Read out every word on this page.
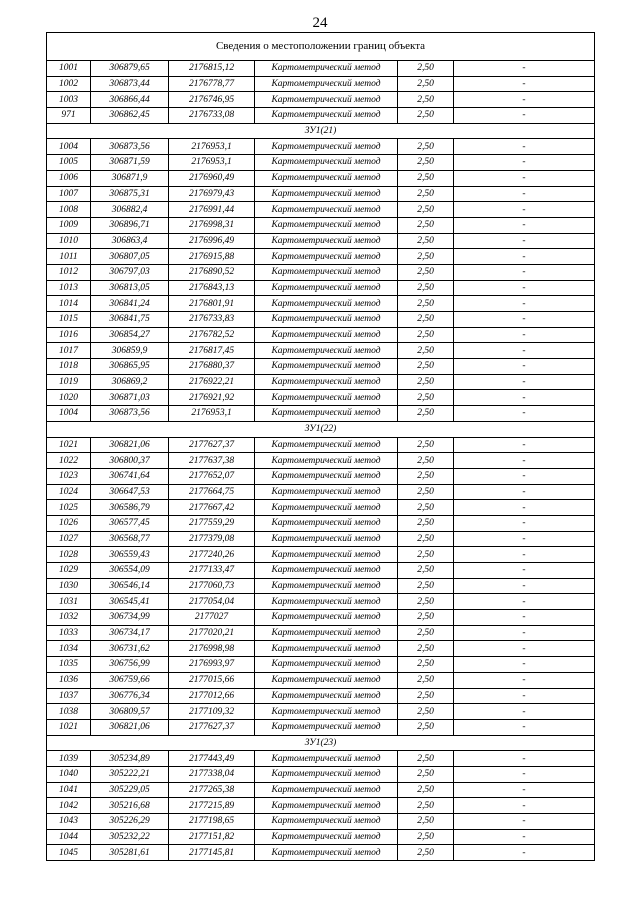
24
Сведения о местоположении границ объекта					
1001	306879,65	2176815,12	Картометрический метод	2,50	-
1002	306873,44	2176778,77	Картометрический метод	2,50	-
1003	306866,44	2176746,95	Картометрический метод	2,50	-
971	306862,45	2176733,08	Картометрический метод	2,50	-
ЗУ1(21)					
1004	306873,56	2176953,1	Картометрический метод	2,50	-
1005	306871,59	2176953,1	Картометрический метод	2,50	-
1006	306871,9	2176960,49	Картометрический метод	2,50	-
1007	306875,31	2176979,43	Картометрический метод	2,50	-
1008	306882,4	2176991,44	Картометрический метод	2,50	-
1009	306896,71	2176998,31	Картометрический метод	2,50	-
1010	306863,4	2176996,49	Картометрический метод	2,50	-
1011	306807,05	2176915,88	Картометрический метод	2,50	-
1012	306797,03	2176890,52	Картометрический метод	2,50	-
1013	306813,05	2176843,13	Картометрический метод	2,50	-
1014	306841,24	2176801,91	Картометрический метод	2,50	-
1015	306841,75	2176733,83	Картометрический метод	2,50	-
1016	306854,27	2176782,52	Картометрический метод	2,50	-
1017	306859,9	2176817,45	Картометрический метод	2,50	-
1018	306865,95	2176880,37	Картометрический метод	2,50	-
1019	306869,2	2176922,21	Картометрический метод	2,50	-
1020	306871,03	2176921,92	Картометрический метод	2,50	-
1004	306873,56	2176953,1	Картометрический метод	2,50	-
ЗУ1(22)					
1021	306821,06	2177627,37	Картометрический метод	2,50	-
1022	306800,37	2177637,38	Картометрический метод	2,50	-
1023	306741,64	2177652,07	Картометрический метод	2,50	-
1024	306647,53	2177664,75	Картометрический метод	2,50	-
1025	306586,79	2177667,42	Картометрический метод	2,50	-
1026	306577,45	2177559,29	Картометрический метод	2,50	-
1027	306568,77	2177379,08	Картометрический метод	2,50	-
1028	306559,43	2177240,26	Картометрический метод	2,50	-
1029	306554,09	2177133,47	Картометрический метод	2,50	-
1030	306546,14	2177060,73	Картометрический метод	2,50	-
1031	306545,41	2177054,04	Картометрический метод	2,50	-
1032	306734,99	2177027	Картометрический метод	2,50	-
1033	306734,17	2177020,21	Картометрический метод	2,50	-
1034	306731,62	2176998,98	Картометрический метод	2,50	-
1035	306756,99	2176993,97	Картометрический метод	2,50	-
1036	306759,66	2177015,66	Картометрический метод	2,50	-
1037	306776,34	2177012,66	Картометрический метод	2,50	-
1038	306809,57	2177109,32	Картометрический метод	2,50	-
1021	306821,06	2177627,37	Картометрический метод	2,50	-
ЗУ1(23)					
1039	305234,89	2177443,49	Картометрический метод	2,50	-
1040	305222,21	2177338,04	Картометрический метод	2,50	-
1041	305229,05	2177265,38	Картометрический метод	2,50	-
1042	305216,68	2177215,89	Картометрический метод	2,50	-
1043	305226,29	2177198,65	Картометрический метод	2,50	-
1044	305232,22	2177151,82	Картометрический метод	2,50	-
1045	305281,61	2177145,81	Картометрический метод	2,50	-
